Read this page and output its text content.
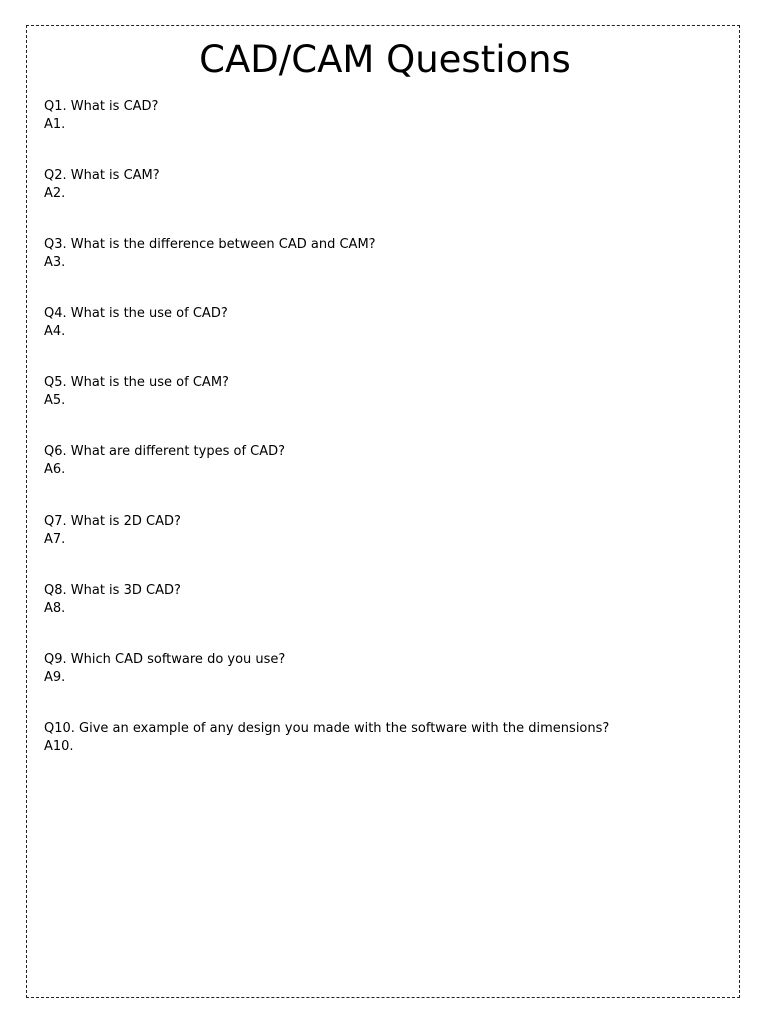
CAD/CAM Questions
Q1. What is CAD?
A1.
Q2. What is CAM?
A2.
Q3. What is the difference between CAD and CAM?
A3.
Q4. What is the use of CAD?
A4.
Q5. What is the use of CAM?
A5.
Q6. What are different types of CAD?
A6.
Q7. What is 2D CAD?
A7.
Q8. What is 3D CAD?
A8.
Q9. Which CAD software do you use?
A9.
Q10. Give an example of any design you made with the software with the dimensions?
A10.
